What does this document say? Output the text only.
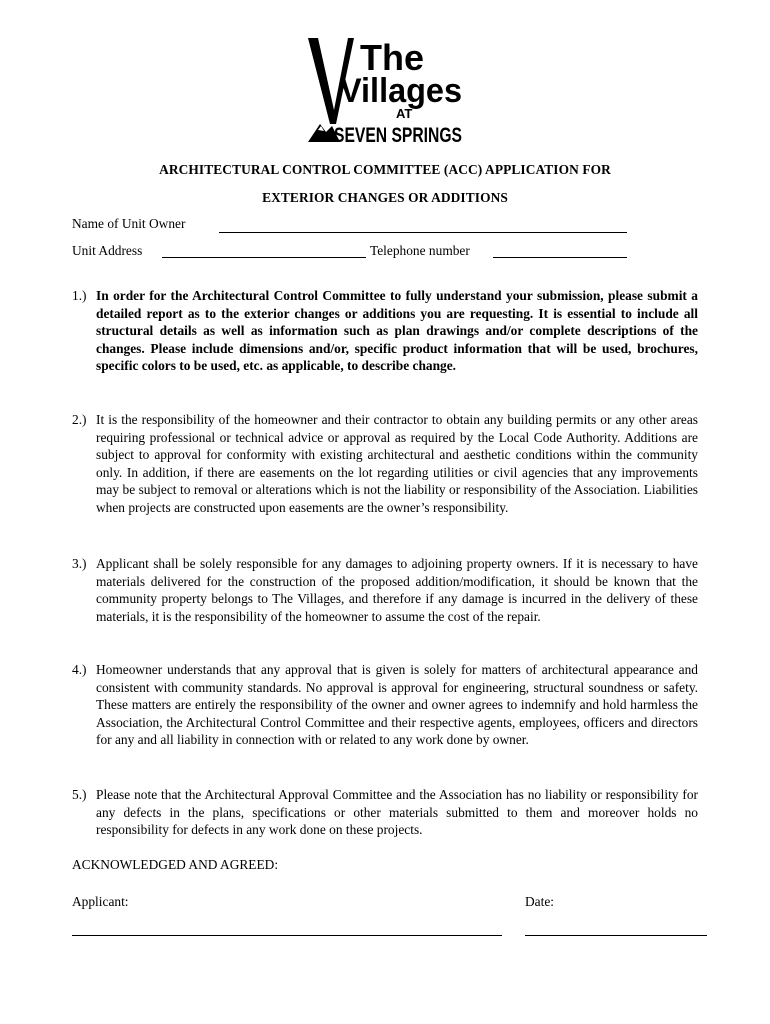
The
Villages
AT
SEVEN SPRINGS
ARCHITECTURAL CONTROL COMMITTEE (ACC) APPLICATION FOR
EXTERIOR CHANGES OR ADDITIONS
Name of Unit Owner
Unit Address	Telephone number
1.) In order for the Architectural Control Committee to fully understand your submission, please submit a detailed report as to the exterior changes or additions you are requesting. It is essential to include all structural details as well as information such as plan drawings and/or complete descriptions of the changes. Please include dimensions and/or, specific product information that will be used, brochures, specific colors to be used, etc. as applicable, to describe change.
2.) It is the responsibility of the homeowner and their contractor to obtain any building permits or any other areas requiring professional or technical advice or approval as required by the Local Code Authority. Additions are subject to approval for conformity with existing architectural and aesthetic conditions within the community only. In addition, if there are easements on the lot regarding utilities or civil agencies that any improvements may be subject to removal or alterations which is not the liability or responsibility of the Association. Liabilities when projects are constructed upon easements are the owner’s responsibility.
3.) Applicant shall be solely responsible for any damages to adjoining property owners. If it is necessary to have materials delivered for the construction of the proposed addition/modification, it should be known that the community property belongs to The Villages, and therefore if any damage is incurred in the delivery of these materials, it is the responsibility of the homeowner to assume the cost of the repair.
4.) Homeowner understands that any approval that is given is solely for matters of architectural appearance and consistent with community standards. No approval is approval for engineering, structural soundness or safety. These matters are entirely the responsibility of the owner and owner agrees to indemnify and hold harmless the Association, the Architectural Control Committee and their respective agents, employees, officers and directors for any and all liability in connection with or related to any work done by owner.
5.) Please note that the Architectural Approval Committee and the Association has no liability or responsibility for any defects in the plans, specifications or other materials submitted to them and moreover holds no responsibility for defects in any work done on these projects.
ACKNOWLEDGED AND AGREED:
Applicant:	Date:
